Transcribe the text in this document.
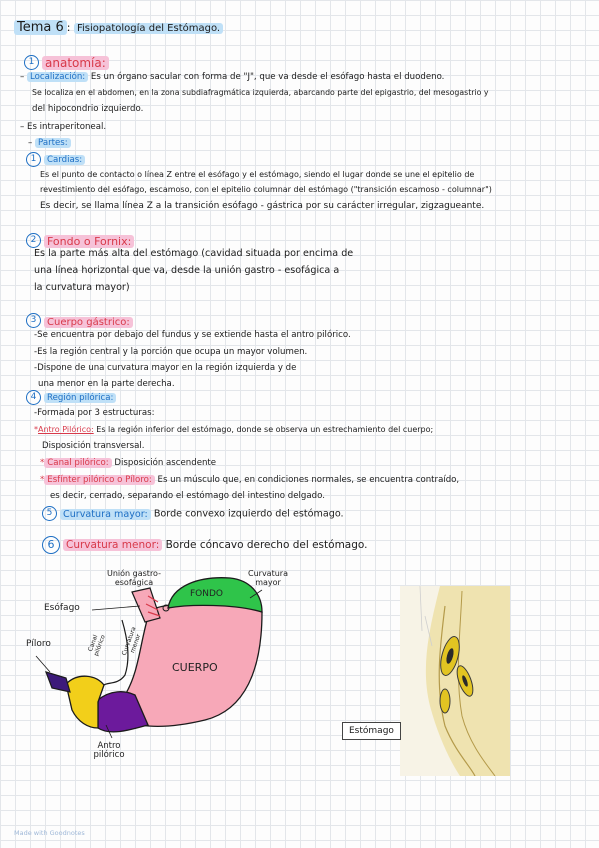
Tema 6 : Fisiopatología del Estómago.
1 anatomía:
– Localización: Es un órgano sacular con forma de "J", que va desde el esófago hasta el duodeno.
Se localiza en el abdomen, en la zona subdiafragmática izquierda, abarcando parte del epigastrio, del mesogastrio y
del hipocondrio izquierdo.
– Es intraperitoneal.
– Partes:
1 Cardias:
Es el punto de contacto o línea Z entre el esófago y el estómago, siendo el lugar donde se une el epitelio de
revestimiento del esófago, escamoso, con el epitelio columnar del estómago ("transición escamoso - columnar")
Es decir, se llama línea Z a la transición esófago - gástrica por su carácter irregular, zigzagueante.
2 Fondo o Fornix:
Es la parte más alta del estómago (cavidad situada por encima de
una línea horizontal que va, desde la unión gastro - esofágica a
la curvatura mayor)
3 Cuerpo gástrico:
-Se encuentra por debajo del fundus y se extiende hasta el antro pilórico.
-Es la región central y la porción que ocupa un mayor volumen.
-Dispone de una curvatura mayor en la región izquierda y de
una menor en la parte derecha.
4 Región pilórica:
-Formada por 3 estructuras:
*Antro Pilórico: Es la región inferior del estómago, donde se observa un estrechamiento del cuerpo;
Disposición transversal.
* Canal pilórico: Disposición ascendente
* Esfínter pilórico o Píloro: Es un músculo que, en condiciones normales, se encuentra contraído,
es decir, cerrado, separando el estómago del intestino delgado.
5 Curvatura mayor: Borde convexo izquierdo del estómago.
6 Curvatura menor: Borde cóncavo derecho del estómago.
Unión gastro-esofágica
Curvatura mayor
FONDO
Esófago
Curvatura menor
Canal pilórico
Píloro
CUERPO
Antro pilórico
Estómago
Made with Goodnotes
